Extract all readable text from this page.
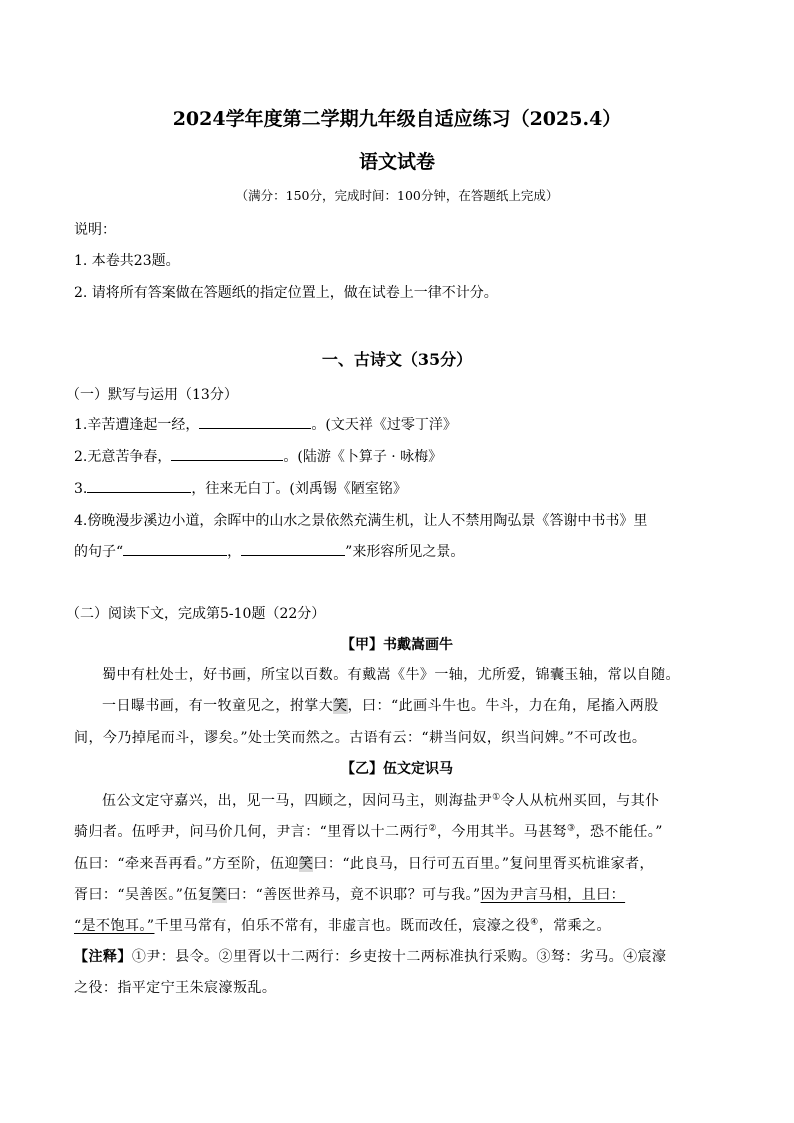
2024学年度第二学期九年级自适应练习（2025.4）
语文试卷
（满分：150分，完成时间：100分钟，在答题纸上完成）
说明：
1. 本卷共23题。
2. 请将所有答案做在答题纸的指定位置上，做在试卷上一律不计分。
一、古诗文（35分）
（一）默写与运用（13分）
1.辛苦遭逢起一经，	。(文天祥《过零丁洋》
2.无意苦争春，	。(陆游《卜算子 · 咏梅》
3.	，往来无白丁。(刘禹锡《陋室铭》
4.傍晚漫步溪边小道，余晖中的山水之景依然充满生机，让人不禁用陶弘景《答谢中书书》里
的句子“	，	”来形容所见之景。
（二）阅读下文，完成第5-10题（22分）
【甲】书戴嵩画牛
蜀中有杜处士，好书画，所宝以百数。有戴嵩《牛》一轴，尤所爱，锦囊玉轴，常以自随。
一日曝书画，有一牧童见之，拊掌大笑，曰：“此画斗牛也。牛斗，力在角，尾搐入两股
间，今乃掉尾而斗，谬矣。”处士笑而然之。古语有云：“耕当问奴，织当问婢。”不可改也。
【乙】伍文定识马
伍公文定守嘉兴，出，见一马，四顾之，因问马主，则海盐尹①令人从杭州买回，与其仆
骑归者。伍呼尹，问马价几何，尹言：“里胥以十二两行②，今用其半。马甚驽③，恐不能任。”
伍曰：“牵来吾再看。”方至阶，伍迎笑曰：“此良马，日行可五百里。”复问里胥买杭谁家者，
胥曰：“吴善医。”伍复笑曰：“善医世养马，竟不识耶？可与我。”因为尹言马相，且曰：
“是不饱耳。”千里马常有，伯乐不常有，非虚言也。既而改任，宸濠之役④，常乘之。
【注释】①尹：县令。②里胥以十二两行：乡吏按十二两标准执行采购。③驽：劣马。④宸濠
之役：指平定宁王朱宸濠叛乱。
